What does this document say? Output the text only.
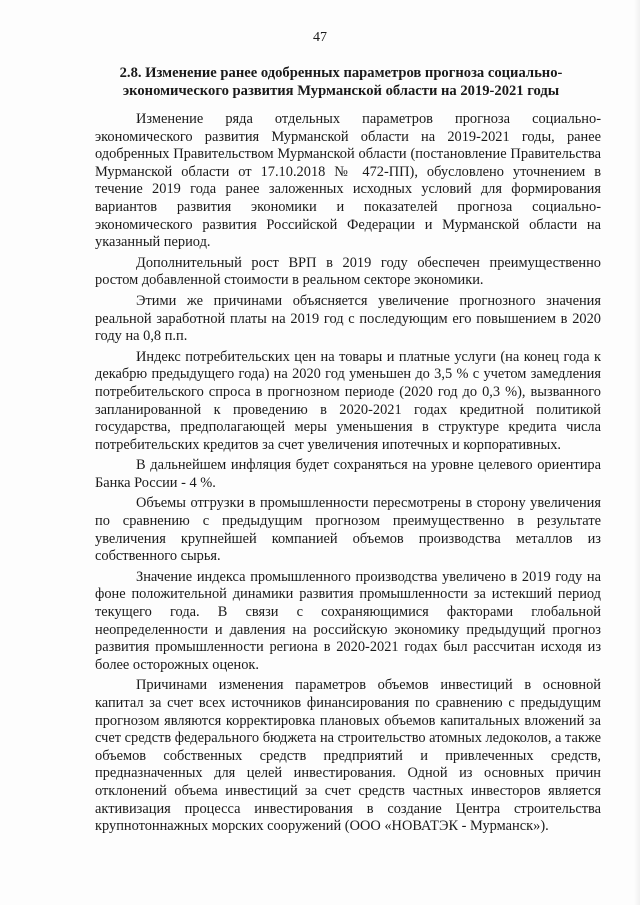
47
2.8. Изменение ранее одобренных параметров прогноза социально-экономического развития Мурманской области на 2019-2021 годы

Изменение ряда отдельных параметров прогноза социально-экономического развития Мурманской области на 2019-2021 годы, ранее одобренных Правительством Мурманской области (постановление Правительства Мурманской области от 17.10.2018 № 472-ПП), обусловлено уточнением в течение 2019 года ранее заложенных исходных условий для формирования вариантов развития экономики и показателей прогноза социально-экономического развития Российской Федерации и Мурманской области на указанный период.

Дополнительный рост ВРП в 2019 году обеспечен преимущественно ростом добавленной стоимости в реальном секторе экономики.

Этими же причинами объясняется увеличение прогнозного значения реальной заработной платы на 2019 год с последующим его повышением в 2020 году на 0,8 п.п.

Индекс потребительских цен на товары и платные услуги (на конец года к декабрю предыдущего года) на 2020 год уменьшен до 3,5 % с учетом замедления потребительского спроса в прогнозном периоде (2020 год до 0,3 %), вызванного запланированной к проведению в 2020-2021 годах кредитной политикой государства, предполагающей меры уменьшения в структуре кредита числа потребительских кредитов за счет увеличения ипотечных и корпоративных.

В дальнейшем инфляция будет сохраняться на уровне целевого ориентира Банка России - 4 %.

Объемы отгрузки в промышленности пересмотрены в сторону увеличения по сравнению с предыдущим прогнозом преимущественно в результате увеличения крупнейшей компанией объемов производства металлов из собственного сырья.

Значение индекса промышленного производства увеличено в 2019 году на фоне положительной динамики развития промышленности за истекший период текущего года. В связи с сохраняющимися факторами глобальной неопределенности и давления на российскую экономику предыдущий прогноз развития промышленности региона в 2020-2021 годах был рассчитан исходя из более осторожных оценок.

Причинами изменения параметров объемов инвестиций в основной капитал за счет всех источников финансирования по сравнению с предыдущим прогнозом являются корректировка плановых объемов капитальных вложений за счет средств федерального бюджета на строительство атомных ледоколов, а также объемов собственных средств предприятий и привлеченных средств, предназначенных для целей инвестирования. Одной из основных причин отклонений объема инвестиций за счет средств частных инвесторов является активизация процесса инвестирования в создание Центра строительства крупнотоннажных морских сооружений (ООО «НОВАТЭК - Мурманск»).
